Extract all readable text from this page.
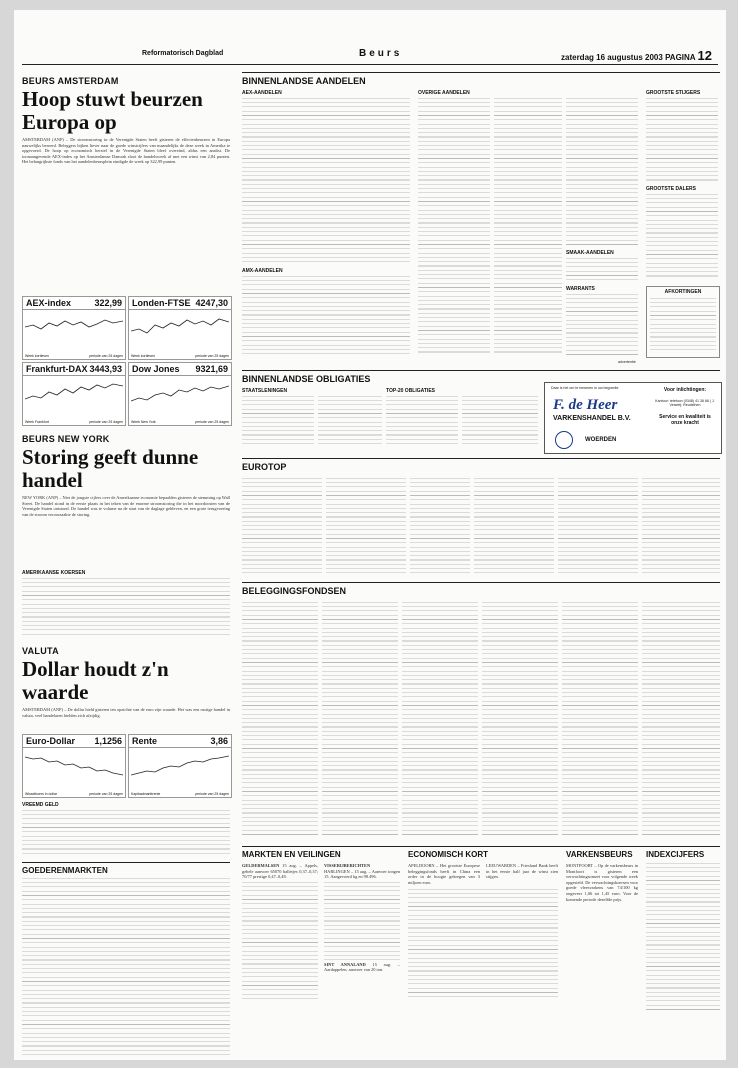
Reformatorisch Dagblad	Beurs	zaterdag 16 augustus 2003 PAGINA 12
BEURS AMSTERDAM
Hoop stuwt beurzen Europa op
AMSTERDAM (ANP) – De stroomstoring in de Verenigde Staten heeft gisteren de effectenbeurzen in Europa nauwelijks beroerd. Beleggers bijken liever naar de goede winstcijfers van maandelijks de deze week in Amerika te opgevoerd. De hoop op economisch herstel in de Verenigde Staten bleef overeind, aldus een analist. De toonaangevende AEX-index op het Amsterdamse Damrak sloot de handelsweek af met een winst van 2,84 punten. Het belangrijkste fonds van het aandelenbeursplein eindigde de week op 322,99 punten.
AEX-index	322,99
Week kortleven	periode van 25 dagen
Londen-FTSE 4247,30
Week kortleven	periode van 25 dagen
Frankfurt-DAX 3443,93
Week Frankfurt	periode van 25 dagen
Dow Jones 9321,69
Week New York	periode van 25 dagen
BEURS NEW YORK
Storing geeft dunne handel
NEW YORK (ANP) – Niet de jongste cijfers over de Amerikaanse economie bepaalden gisteren de stemming op Wall Street. De handel stond in de eerste plaats in het teken van de enorme stroomstoring die in het noordoosten van de Verenigde Staten ontstond. De handel was te volume na de start van de daglage gebleven, en een grote terugvoering van de stroom veroorzaakte de storing.
AMERIKAANSE KOERSEN
VALUTA
Dollar houdt z'n waarde
AMSTERDAM (ANP) – De dollar hield gisteren ten opzichte van de euro zijn waarde. Het was een rustige handel in valuta, veel handelaren hielden zich afzijdig.
Euro-Dollar 1,1256
Wisselkoers in dollar	periode van 25 dagen
Rente	3,86
Kapitaalmarktrente	periode van 25 dagen
VREEMD GELD
GOEDERENMARKTEN
BINNENLANDSE AANDELEN
AEX-AANDELEN
AMX-AANDELEN
OVERIGE AANDELEN
SMAAK-AANDELEN
WARRANTS
GROOTSTE STIJGERS
GROOTSTE DALERS
AFKORTINGEN
advertentie
BINNENLANDSE OBLIGATIES
STAATSLENINGEN	TOP-20 OBLIGATIES	Daar is het om te beweren in uw begoedte
F. de Heer
VARKENSHANDEL B.V.
WOERDEN
Voor inlichtingen:
Kantoor: telefoon (0348) 41 36 66 | J. Verweij: Reudelhen
Service en kwaliteit is onze kracht
EUROTOP
BELEGGINGSFONDSEN
MARKTEN EN VEILINGEN
GELDERMALSEN 15 aug. – Appels, gehele aanvoer 65070 balletjes 0,37–0,37; 70/77 prestige 0,47–0,48.
VISSERIJBERICHTEN
HARLINGEN – 15 aug. – Aanvoer tongen 15. Aangevoerd kg en 98.496.
SINT ANNALAND 15 aug. – Aardappelen, aanvoer van 20 ton.
ECONOMISCH KORT
APELDOORN – Het grootste Europese beleggingsfonds heeft in China een order in de hoogte gekregen van 3 miljoen euro.
LEEUWARDEN – Friesland Bank heeft in het eerste half jaar de winst zien stijgen.
VARKENSBEURS
MONTFOORT – Op de varkensbeurs in Montfoort is gisteren een verwachtingsomzet voor volgende week opgesteld. De verwachtingskoersen voor goede vleesvarkens van 74/100 kg ongeveer 1,06 tot 1,45 euro. Voor de komende periode dezelfde prijs.
INDEXCIJFERS
